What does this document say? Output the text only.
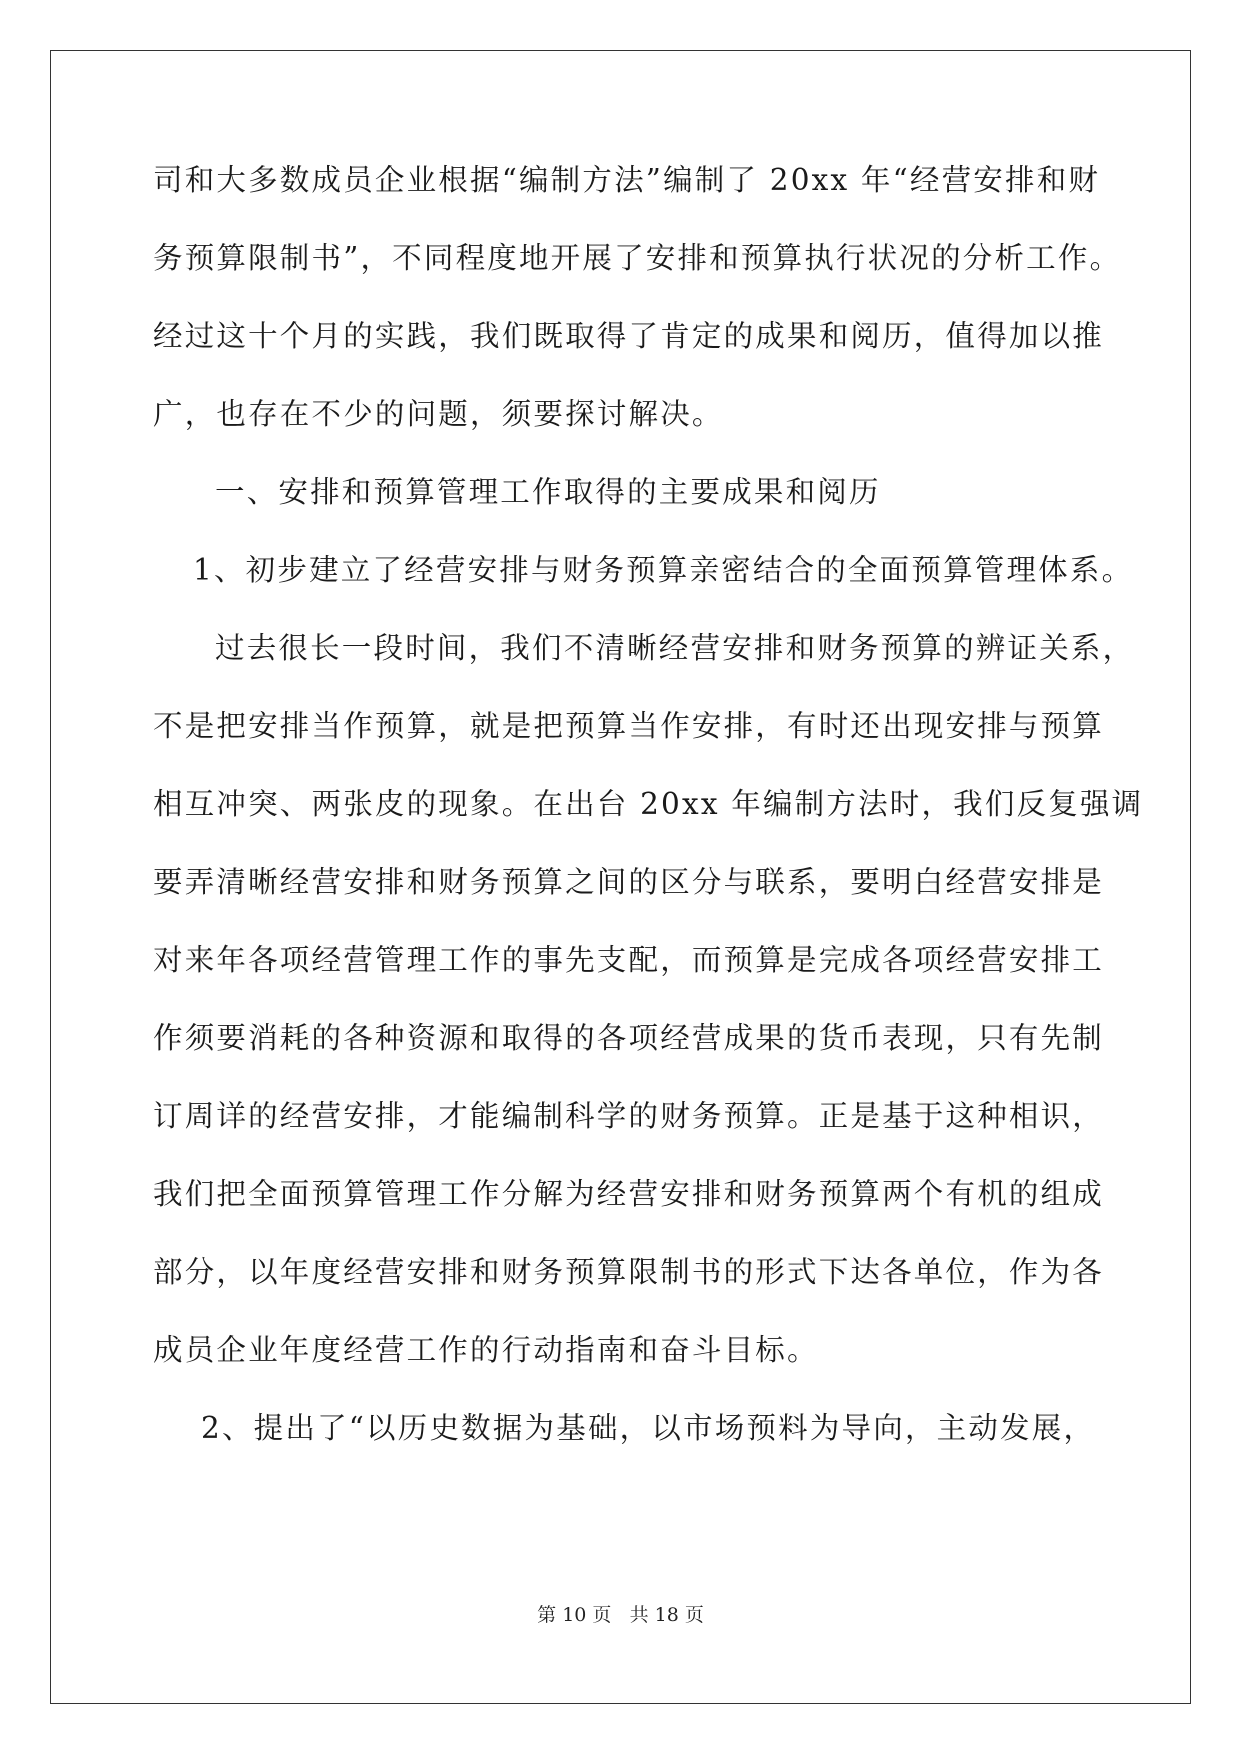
司和大多数成员企业根据“编制方法”编制了 20xx 年“经营安排和财
务预算限制书”，不同程度地开展了安排和预算执行状况的分析工作。
经过这十个月的实践，我们既取得了肯定的成果和阅历，值得加以推
广，也存在不少的问题，须要探讨解决。
一、安排和预算管理工作取得的主要成果和阅历
1、初步建立了经营安排与财务预算亲密结合的全面预算管理体系。
过去很长一段时间，我们不清晰经营安排和财务预算的辨证关系，
不是把安排当作预算，就是把预算当作安排，有时还出现安排与预算
相互冲突、两张皮的现象。在出台 20xx 年编制方法时，我们反复强调
要弄清晰经营安排和财务预算之间的区分与联系，要明白经营安排是
对来年各项经营管理工作的事先支配，而预算是完成各项经营安排工
作须要消耗的各种资源和取得的各项经营成果的货币表现，只有先制
订周详的经营安排，才能编制科学的财务预算。正是基于这种相识，
我们把全面预算管理工作分解为经营安排和财务预算两个有机的组成
部分，以年度经营安排和财务预算限制书的形式下达各单位，作为各
成员企业年度经营工作的行动指南和奋斗目标。
2、提出了“以历史数据为基础，以市场预料为导向，主动发展，
第 10 页 共 18 页
